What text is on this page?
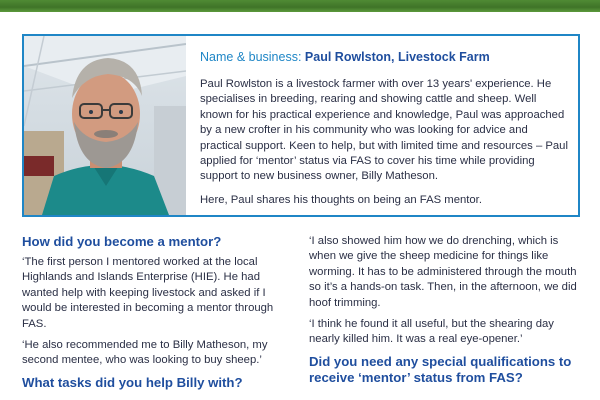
Name & business: Paul Rowlston, Livestock Farm

Paul Rowlston is a livestock farmer with over 13 years' experience. He specialises in breeding, rearing and showing cattle and sheep. Well known for his practical experience and knowledge, Paul was approached by a new crofter in his community who was looking for advice and practical support. Keen to help, but with limited time and resources – Paul applied for ‘mentor’ status via FAS to cover his time while providing support to new business owner, Billy Matheson.

Here, Paul shares his thoughts on being an FAS mentor.

How did you become a mentor?

‘The first person I mentored worked at the local Highlands and Islands Enterprise (HIE). He had wanted help with keeping livestock and asked if I would be interested in becoming a mentor through FAS.

‘He also recommended me to Billy Matheson, my second mentee, who was looking to buy sheep.’

What tasks did you help Billy with?

‘I also showed him how we do drenching, which is when we give the sheep medicine for things like worming. It has to be administered through the mouth so it’s a hands-on task. Then, in the afternoon, we did hoof trimming.

‘I think he found it all useful, but the shearing day nearly killed him. It was a real eye-opener.’

Did you need any special qualifications to receive ‘mentor’ status from FAS?
